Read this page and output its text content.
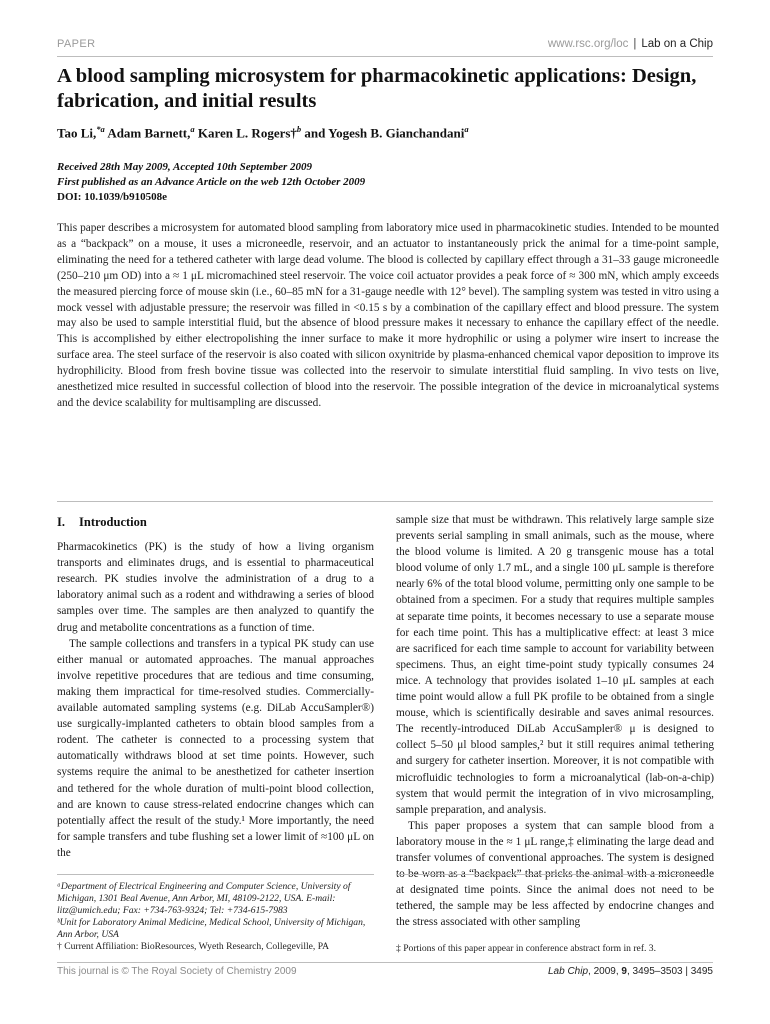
PAPER	www.rsc.org/loc | Lab on a Chip
A blood sampling microsystem for pharmacokinetic applications: Design, fabrication, and initial results
Tao Li,$^{*a}$ Adam Barnett,$^a$ Karen L. Rogers†$^b$ and Yogesh B. Gianchandani$^a$
Received 28th May 2009, Accepted 10th September 2009
First published as an Advance Article on the web 12th October 2009
DOI: 10.1039/b910508e
This paper describes a microsystem for automated blood sampling from laboratory mice used in pharmacokinetic studies. Intended to be mounted as a “backpack” on a mouse, it uses a microneedle, reservoir, and an actuator to instantaneously prick the animal for a time-point sample, eliminating the need for a tethered catheter with large dead volume. The blood is collected by capillary effect through a 31–33 gauge microneedle (250–210 μm OD) into a ≈ 1 μL micromachined steel reservoir. The voice coil actuator provides a peak force of ≈ 300 mN, which amply exceeds the measured piercing force of mouse skin (i.e., 60–85 mN for a 31-gauge needle with 12° bevel). The sampling system was tested in vitro using a mock vessel with adjustable pressure; the reservoir was filled in <0.15 s by a combination of the capillary effect and blood pressure. The system may also be used to sample interstitial fluid, but the absence of blood pressure makes it necessary to enhance the capillary effect of the needle. This is accomplished by either electropolishing the inner surface to make it more hydrophilic or using a polymer wire insert to increase the surface area. The steel surface of the reservoir is also coated with silicon oxynitride by plasma-enhanced chemical vapor deposition to improve its hydrophilicity. Blood from fresh bovine tissue was collected into the reservoir to simulate interstitial fluid sampling. In vivo tests on live, anesthetized mice resulted in successful collection of blood into the reservoir. The possible integration of the device in microanalytical systems and the device scalability for multisampling are discussed.
I. Introduction

Pharmacokinetics (PK) is the study of how a living organism transports and eliminates drugs, and is essential to pharmaceutical research. PK studies involve the administration of a drug to a laboratory animal such as a rodent and withdrawing a series of blood samples over time. The samples are then analyzed to quantify the drug and metabolite concentrations as a function of time.

The sample collections and transfers in a typical PK study can use either manual or automated approaches. The manual approaches involve repetitive procedures that are tedious and time consuming, making them impractical for time-resolved studies. Commercially-available automated sampling systems (e.g. DiLab AccuSampler®) use surgically-implanted catheters to obtain blood samples from a rodent. The catheter is connected to a processing system that automatically withdraws blood at set time points. However, such systems require the animal to be anesthetized for catheter insertion and tethered for the whole duration of multi-point blood collection, and are known to cause stress-related endocrine changes which can potentially affect the result of the study.¹ More importantly, the need for sample transfers and tube flushing set a lower limit of ≈100 μL on the

sample size that must be withdrawn. This relatively large sample size prevents serial sampling in small animals, such as the mouse, where the blood volume is limited. A 20 g transgenic mouse has a total blood volume of only 1.7 mL, and a single 100 μL sample is therefore nearly 6% of the total blood volume, permitting only one sample to be obtained from a specimen. For a study that requires multiple samples at separate time points, it becomes necessary to use a separate mouse for each time point. This has a multiplicative effect: at least 3 mice are sacrificed for each time sample to account for variability between specimens. Thus, an eight time-point study typically consumes 24 mice. A technology that provides isolated 1–10 μL samples at each time point would allow a full PK profile to be obtained from a single mouse, which is scientifically desirable and saves animal resources. The recently-introduced DiLab AccuSampler® μ is designed to collect 5–50 μl blood samples,² but it still requires animal tethering and surgery for catheter insertion. Moreover, it is not compatible with microfluidic technologies to form a microanalytical (lab-on-a-chip) system that would permit the integration of in vivo microsampling, sample preparation, and analysis.

This paper proposes a system that can sample blood from a laboratory mouse in the ≈ 1 μL range,‡ eliminating the large dead and transfer volumes of conventional approaches. The system is designed to be worn as a “backpack” that pricks the animal with a microneedle at designated time points. Since the animal does not need to be tethered, the sample may be less affected by endocrine changes and the stress associated with other sampling

ᵃDepartment of Electrical Engineering and Computer Science, University of Michigan, 1301 Beal Avenue, Ann Arbor, MI, 48109-2122, USA. E-mail: litz@umich.edu; Fax: +734-763-9324; Tel: +734-615-7983
ᵇUnit for Laboratory Animal Medicine, Medical School, University of Michigan, Ann Arbor, USA
† Current Affiliation: BioResources, Wyeth Research, Collegeville, PA	‡ Portions of this paper appear in conference abstract form in ref. 3.
This journal is © The Royal Society of Chemistry 2009	Lab Chip, 2009, 9, 3495–3503 | 3495
